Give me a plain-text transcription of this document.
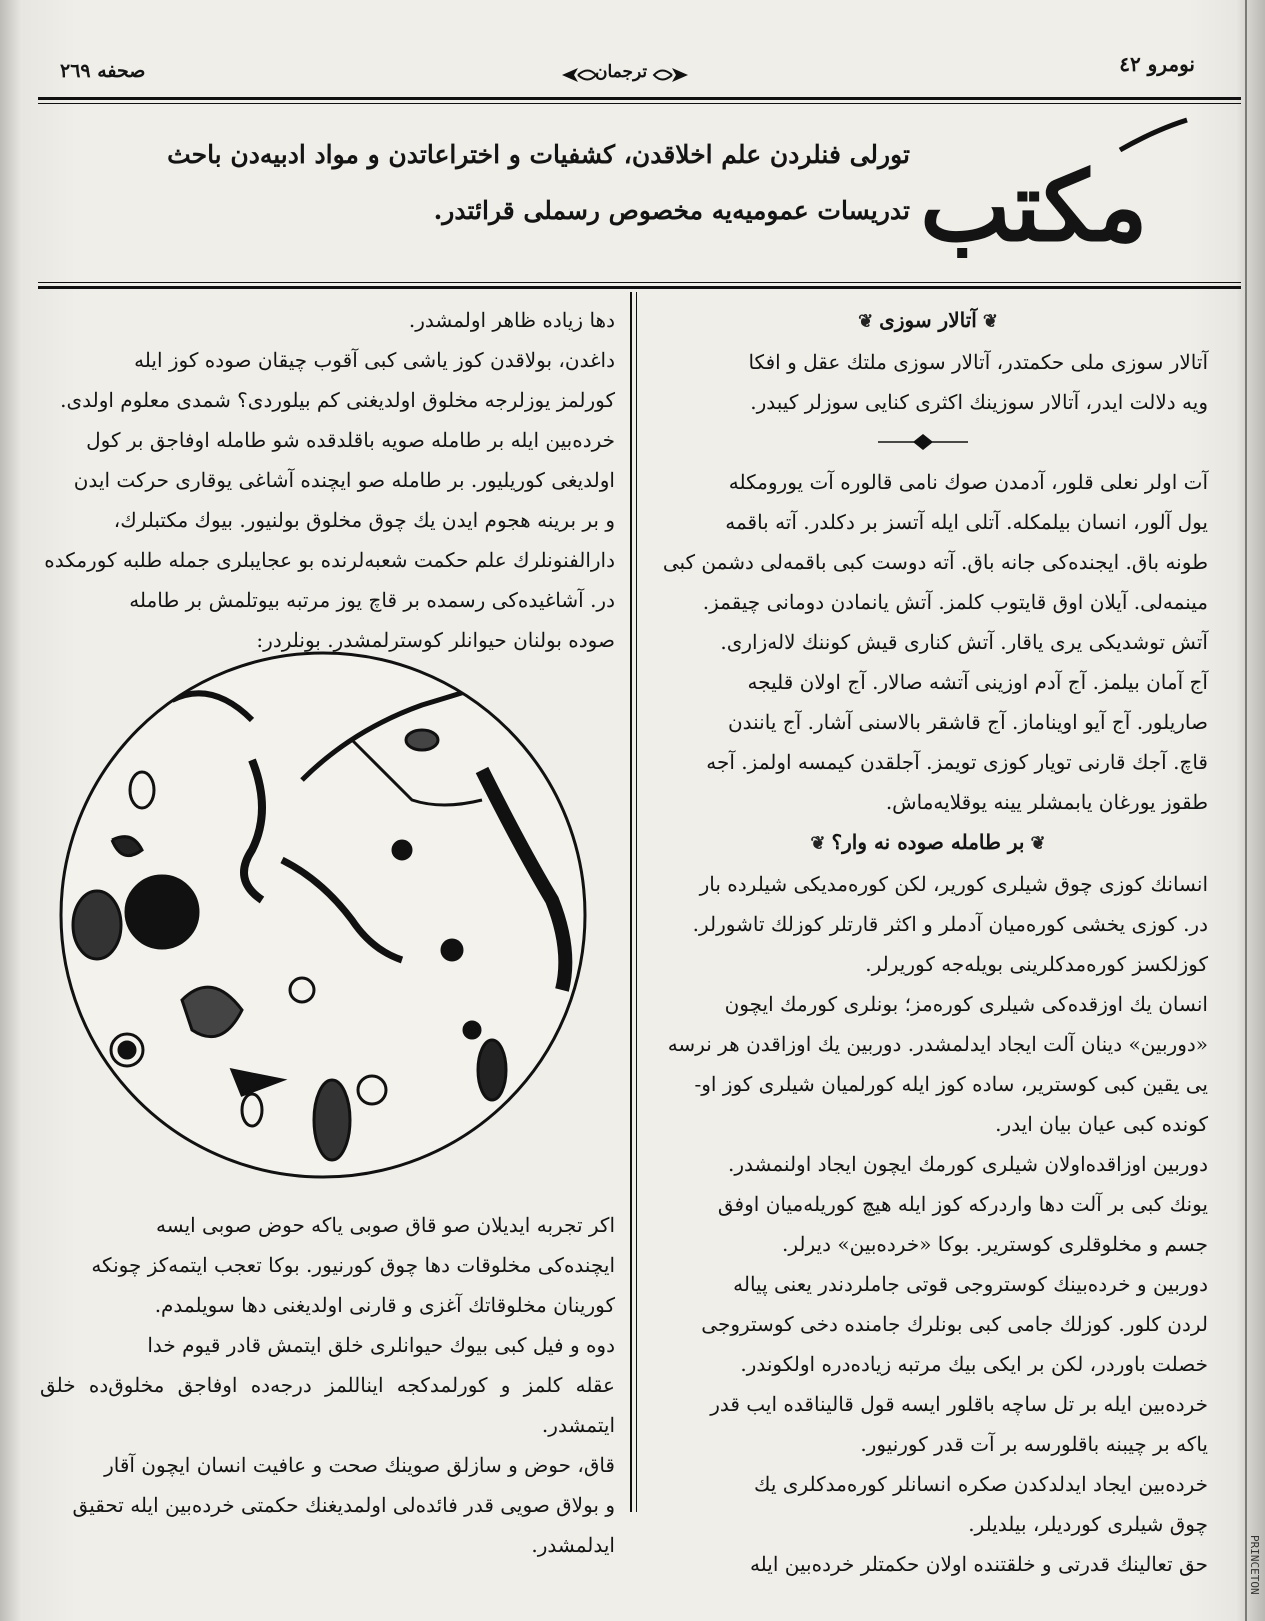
نومرو ٤٢
صحفه ٢٦٩	ترجمان
مكتب
تورلی فنلردن علم اخلاقدن، كشفیات و اختراعاتدن و مواد ادبیه‌دن باحث
تدریسات عمومیه‌یه مخصوص رسملی قرائتدر.

❦آتالار سوزی❦

آتالار سوزی ملی حكمتدر، آتالار سوزی ملتك عقل و افكا
ویه دلالت ایدر، آتالار سوزینك اكثری كنایی سوزلر كیبدر.
آت اولر نعلی قلور، آدمدن صوك نامی قالوره آت یورومكله
یول آلور، انسان بیلمكله. آتلی ایله آتسز بر دكلدر. آته باقمه
طونه باق. ایجنده‌كی جانه باق. آته دوست كبی باقمه‌لی دشمن كبی
مینمه‌لی. آیلان اوق قایتوب كلمز. آتش یانمادن دومانی چیقمز.
آتش توشدیكی یری یاقار. آتش كناری قیش كوننك لاله‌زاری.
آج آمان بیلمز. آج آدم اوزینی آتشه صالار. آج اولان قلیجه
صاریلور. آج آیو اویناماز. آج قاشقر بالاسنی آشار. آج یانندن
قاچ. آجك قارنی تویار كوزی تویمز. آجلقدن كیمسه اولمز. آجه
طقوز یورغان یابمشلر یینه یوقلایه‌ماش.

❦بر طامله صوده نه وار؟❦

انسانك كوزی چوق شیلری كوریر، لكن كوره‌مدیكی شیلرده بار
در. كوزی یخشی كوره‌میان آدملر و اكثر قارتلر كوزلك تاشورلر.
كوزلكسز كوره‌مدكلرینی بویله‌جه كوریرلر.
انسان یك اوزقده‌كی شیلری كوره‌مز؛ بونلری كورمك ایچون
«دوربین» دینان آلت ایجاد ایدلمشدر. دوربین یك اوزاقدن هر نرسه
یی یقین كبی كوستریر، ساده كوز ایله كورلمیان شیلری كوز او-
كونده كبی عیان بیان ایدر.
دوربین اوزاقده‌اولان شیلری كورمك ایچون ایجاد اولنمشدر.
یونك كبی بر آلت دها واردركه كوز ایله هیچ كوریله‌میان اوفق
جسم و مخلوقلری كوستریر. بوكا «خرده‌بین» دیرلر.
دوربین و خرده‌بینك كوستروجی قوتی جاملردندر یعنی پیاله
لردن كلور. كوزلك جامی كبی بونلرك جامنده دخی كوستروجی
خصلت باوردر، لكن بر ایكی بیك مرتبه زیاده‌دره اولكوندر.
خرده‌بین ایله بر تل ساچه باقلور ایسه قول قالیناقده ایب قدر
یاكه بر چیبنه باقلورسه بر آت قدر كورنیور.
خرده‌بین ایجاد ایدلدكدن صكره انسانلر كوره‌مدكلری یك
چوق شیلری كوردیلر، بیلدیلر.
حق تعالینك قدرتی و خلقتنده اولان حكمتلر خرده‌بین ایله
دها زیاده ظاهر اولمشدر.
داغدن، بولاقدن كوز یاشی كبی آقوب چیقان صوده كوز ایله
كورلمز یوزلرجه مخلوق اولدیغنی كم بیلوردی؟ شمدی معلوم اولدی.
خرده‌بین ایله بر طامله صویه باقلدقده شو طامله اوفاجق بر كول
اولدیغی كوریلیور. بر طامله صو ایچنده آشاغی یوقاری حركت ایدن
و بر برینه هجوم ایدن یك چوق مخلوق بولنیور. بیوك مكتبلرك،
دارالفنونلرك علم حكمت شعبه‌لرنده بو عجایبلری جمله طلبه كورمكده
در. آشاغیده‌كی رسمده بر قاچ یوز مرتبه بیوتلمش بر طامله
صوده بولنان حیوانلر كوسترلمشدر. بونلردر:
اكر تجربه ایدیلان صو قاق صوبی یاكه حوض صوبی ایسه
ایچنده‌كی مخلوقات دها چوق كورنیور. بوكا تعجب ایتمه‌كز چونكه
كورینان مخلوقاتك آغزی و قارنی اولدیغنی دها سویلمدم.
دوه و فیل كبی بیوك حیوانلری خلق ایتمش قادر قیوم خدا
عقله كلمز و كورلمدكجه ایناللمز درجه‌ده اوفاجق مخلوق‌ده خلق ایتمشدر.
قاق، حوض و سازلق صوینك صحت و عافیت انسان ایچون آقار
و بولاق صویی قدر فائده‌لی اولمدیغنك حكمتی خرده‌بین ایله تحقیق
ایدلمشدر.	PRINCETON
